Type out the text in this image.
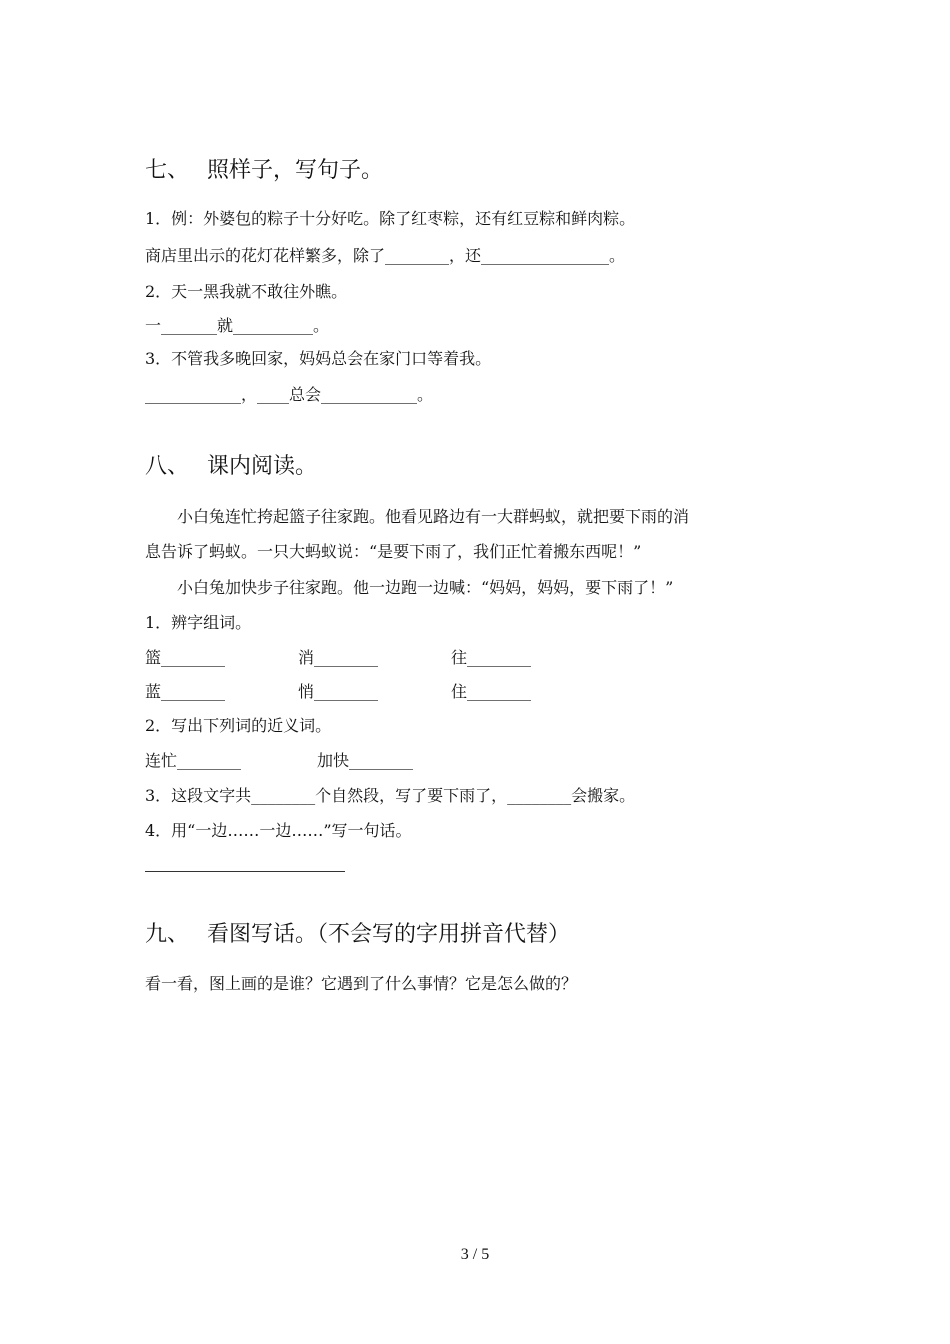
七、 照样子，写句子。
1．例：外婆包的粽子十分好吃。除了红枣粽，还有红豆粽和鲜肉粽。
商店里出示的花灯花样繁多，除了________，还________________。
2．天一黑我就不敢往外瞧。
一_______就__________。
3．不管我多晚回家，妈妈总会在家门口等着我。
____________，____总会____________。
八、 课内阅读。
小白兔连忙挎起篮子往家跑。他看见路边有一大群蚂蚁，就把要下雨的消
息告诉了蚂蚁。一只大蚂蚁说：“是要下雨了，我们正忙着搬东西呢！”
小白兔加快步子往家跑。他一边跑一边喊：“妈妈，妈妈，要下雨了！”
1．辨字组词。
篮________	消________	往________
蓝________	悄________	住________
2．写出下列词的近义词。
连忙________	加快________
3．这段文字共________个自然段，写了要下雨了，________会搬家。
4．用“一边……一边……”写一句话。
九、 看图写话。（不会写的字用拼音代替）
看一看，图上画的是谁？它遇到了什么事情？它是怎么做的？
3 / 5
